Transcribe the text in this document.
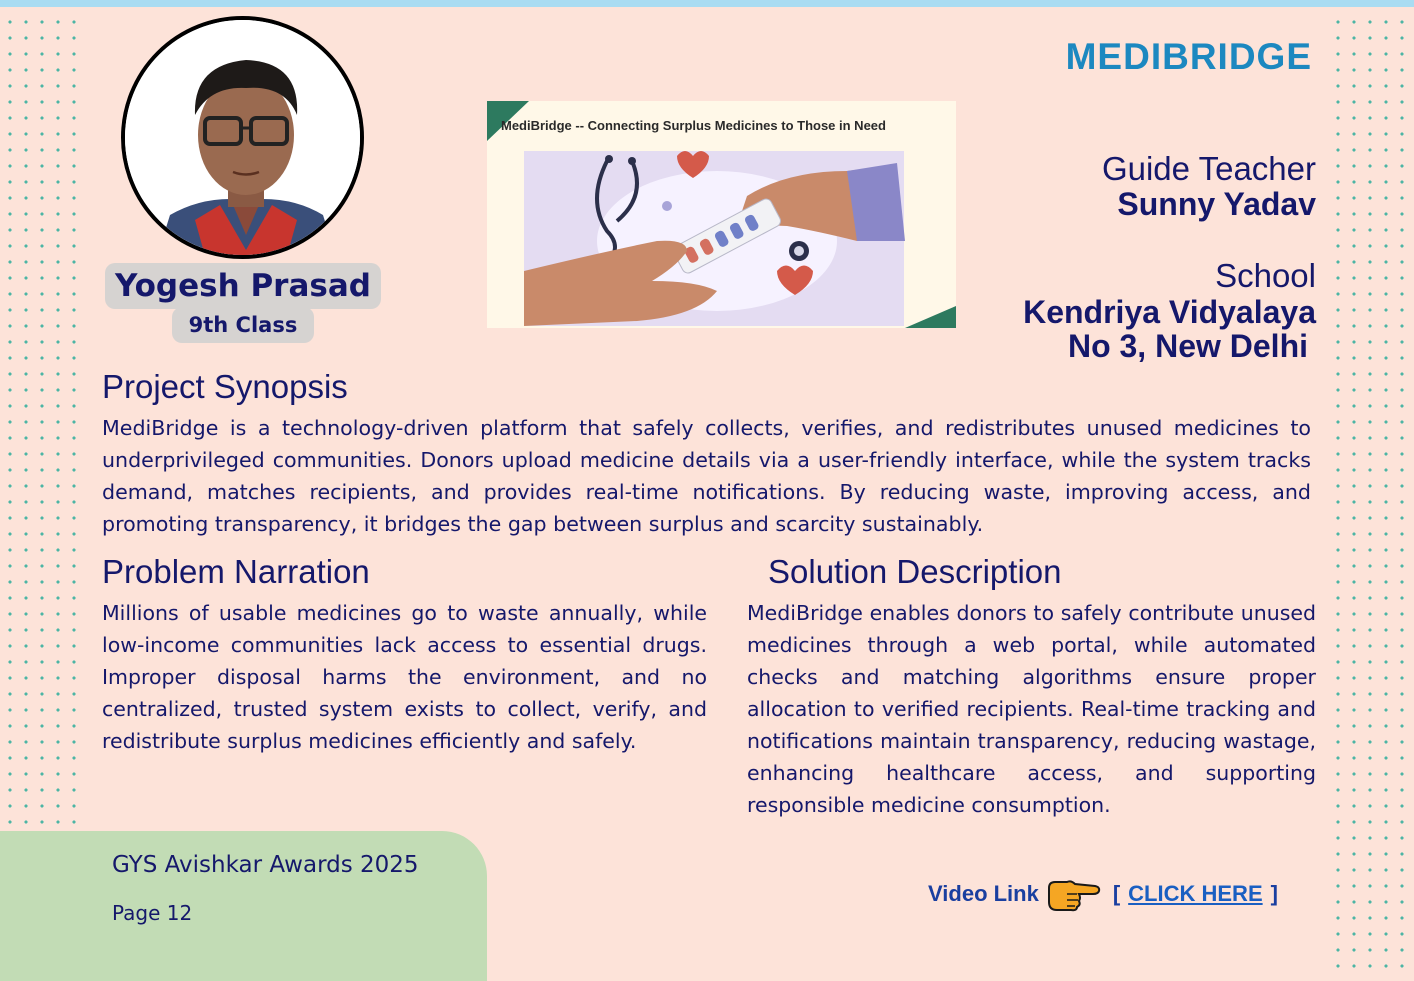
Yogesh Prasad
9th Class
MediBridge -- Connecting Surplus Medicines to Those in Need
MEDIBRIDGE
Guide Teacher
Sunny Yadav
School
Kendriya Vidyalaya
No 3, New Delhi
Project Synopsis
MediBridge is a technology-driven platform that safely collects, verifies, and redistributes unused medicines to underprivileged communities. Donors upload medicine details via a user-friendly interface, while the system tracks demand, matches recipients, and provides real-time notifications. By reducing waste, improving access, and promoting transparency, it bridges the gap between surplus and scarcity sustainably.
Problem Narration
Millions of usable medicines go to waste annually, while low-income communities lack access to essential drugs. Improper disposal harms the environment, and no centralized, trusted system exists to collect, verify, and redistribute surplus medicines efficiently and safely.
Solution Description
MediBridge enables donors to safely contribute unused medicines through a web portal, while automated checks and matching algorithms ensure proper allocation to verified recipients. Real-time tracking and notifications maintain transparency, reducing wastage, enhancing healthcare access, and supporting responsible medicine consumption.
GYS Avishkar Awards 2025
Page 12
Video Link	[ CLICK HERE ]
